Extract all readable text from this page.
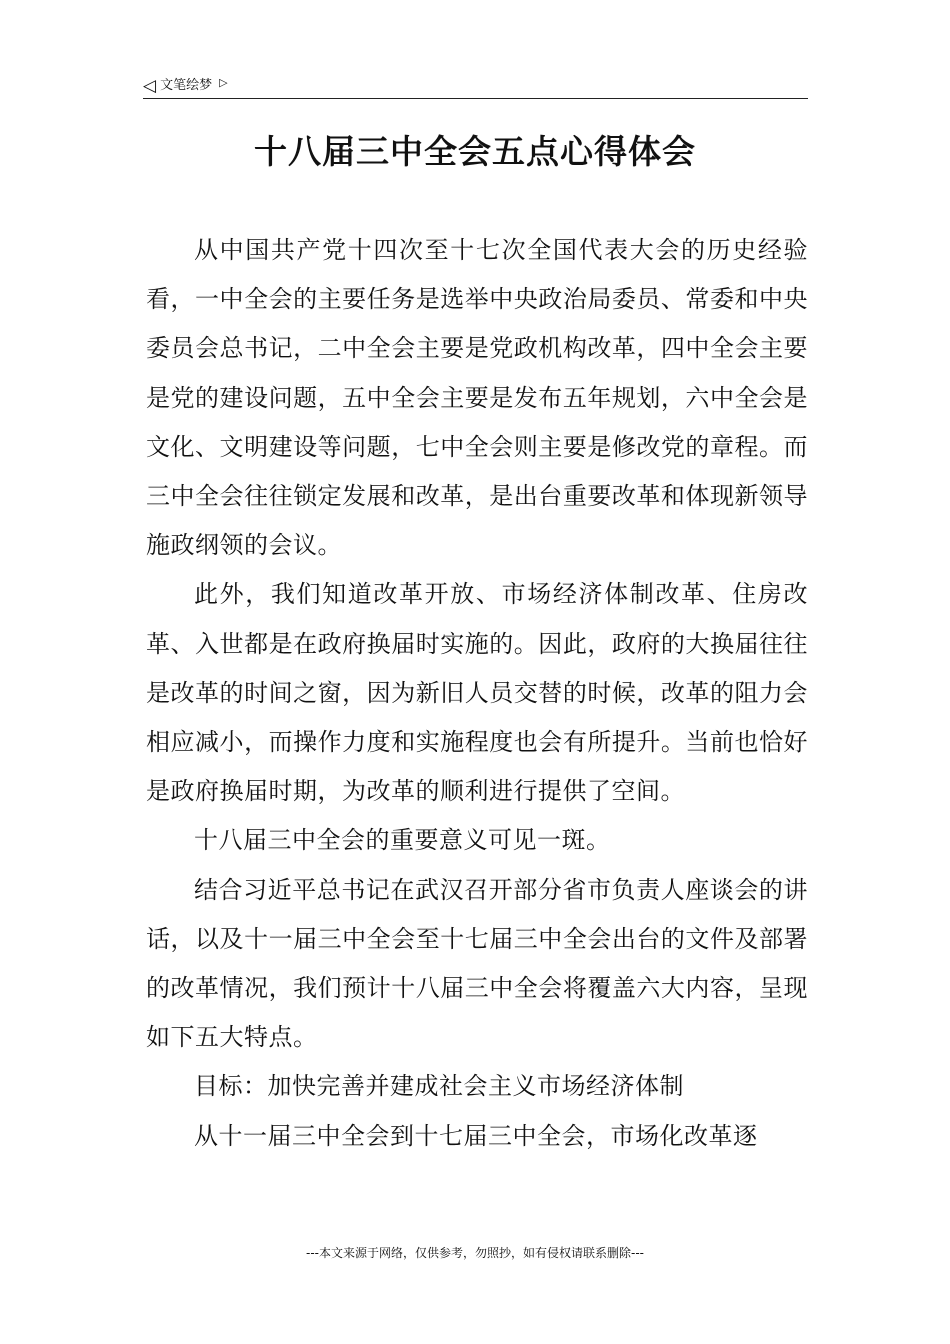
◁ 文笔绘梦 ▷
十八届三中全会五点心得体会

从中国共产党十四次至十七次全国代表大会的历史经验看，一中全会的主要任务是选举中央政治局委员、常委和中央委员会总书记，二中全会主要是党政机构改革，四中全会主要是党的建设问题，五中全会主要是发布五年规划，六中全会是文化、文明建设等问题，七中全会则主要是修改党的章程。而三中全会往往锁定发展和改革，是出台重要改革和体现新领导施政纲领的会议。

此外，我们知道改革开放、市场经济体制改革、住房改革、入世都是在政府换届时实施的。因此，政府的大换届往往是改革的时间之窗，因为新旧人员交替的时候，改革的阻力会相应减小，而操作力度和实施程度也会有所提升。当前也恰好是政府换届时期，为改革的顺利进行提供了空间。

十八届三中全会的重要意义可见一斑。

结合习近平总书记在武汉召开部分省市负责人座谈会的讲话，以及十一届三中全会至十七届三中全会出台的文件及部署的改革情况，我们预计十八届三中全会将覆盖六大内容，呈现如下五大特点。

目标：加快完善并建成社会主义市场经济体制

从十一届三中全会到十七届三中全会，市场化改革逐

---本文来源于网络，仅供参考，勿照抄，如有侵权请联系删除---
